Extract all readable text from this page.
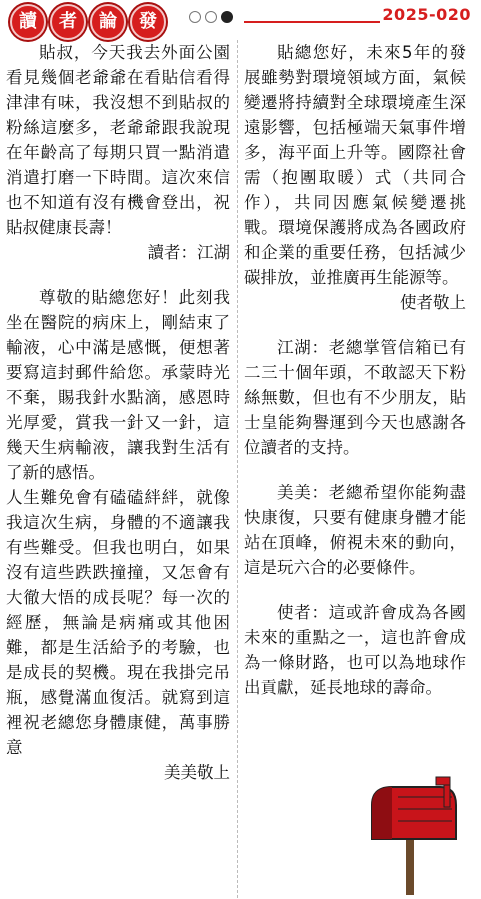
讀	者	論	發	2025-020

貼叔，今天我去外面公園看見幾個老爺爺在看貼信看得津津有味，我沒想不到貼叔的粉絲這麼多，老爺爺跟我說現在年齡高了每期只買一點消遣消遣打磨一下時間。這次來信也不知道有沒有機會登出，祝貼叔健康長壽！

讀者：江湖

尊敬的貼總您好！此刻我坐在醫院的病床上，剛結束了輸液，心中滿是感慨，便想著要寫這封郵件給您。承蒙時光不棄，賜我針水點滴，感恩時光厚愛，賞我一針又一針，這幾天生病輸液，讓我對生活有了新的感悟。

人生難免會有磕磕絆絆，就像我這次生病，身體的不適讓我有些難受。但我也明白，如果沒有這些跌跌撞撞，又怎會有大徹大悟的成長呢？每一次的經歷，無論是病痛或其他困難，都是生活給予的考驗，也是成長的契機。現在我掛完吊瓶，感覺滿血復活。就寫到這裡祝老總您身體康健，萬事勝意

美美敬上

貼總您好，未來5年的發展雖勢對環境領域方面，氣候變遷將持續對全球環境產生深遠影響，包括極端天氣事件增多，海平面上升等。國際社會需（抱團取暖）式（共同合作），共同因應氣候變遷挑戰。環境保護將成為各國政府和企業的重要任務，包括減少碳排放，並推廣再生能源等。

使者敬上

江湖：老總掌管信箱已有二三十個年頭，不敢認天下粉絲無數，但也有不少朋友，貼士皇能夠譽運到今天也感謝各位讀者的支持。

美美：老總希望你能夠盡快康復，只要有健康身體才能站在頂峰，俯視未來的動向，這是玩六合的必要條件。

使者：這或許會成為各國未來的重點之一，這也許會成為一條財路，也可以為地球作出貢獻，延長地球的壽命。
